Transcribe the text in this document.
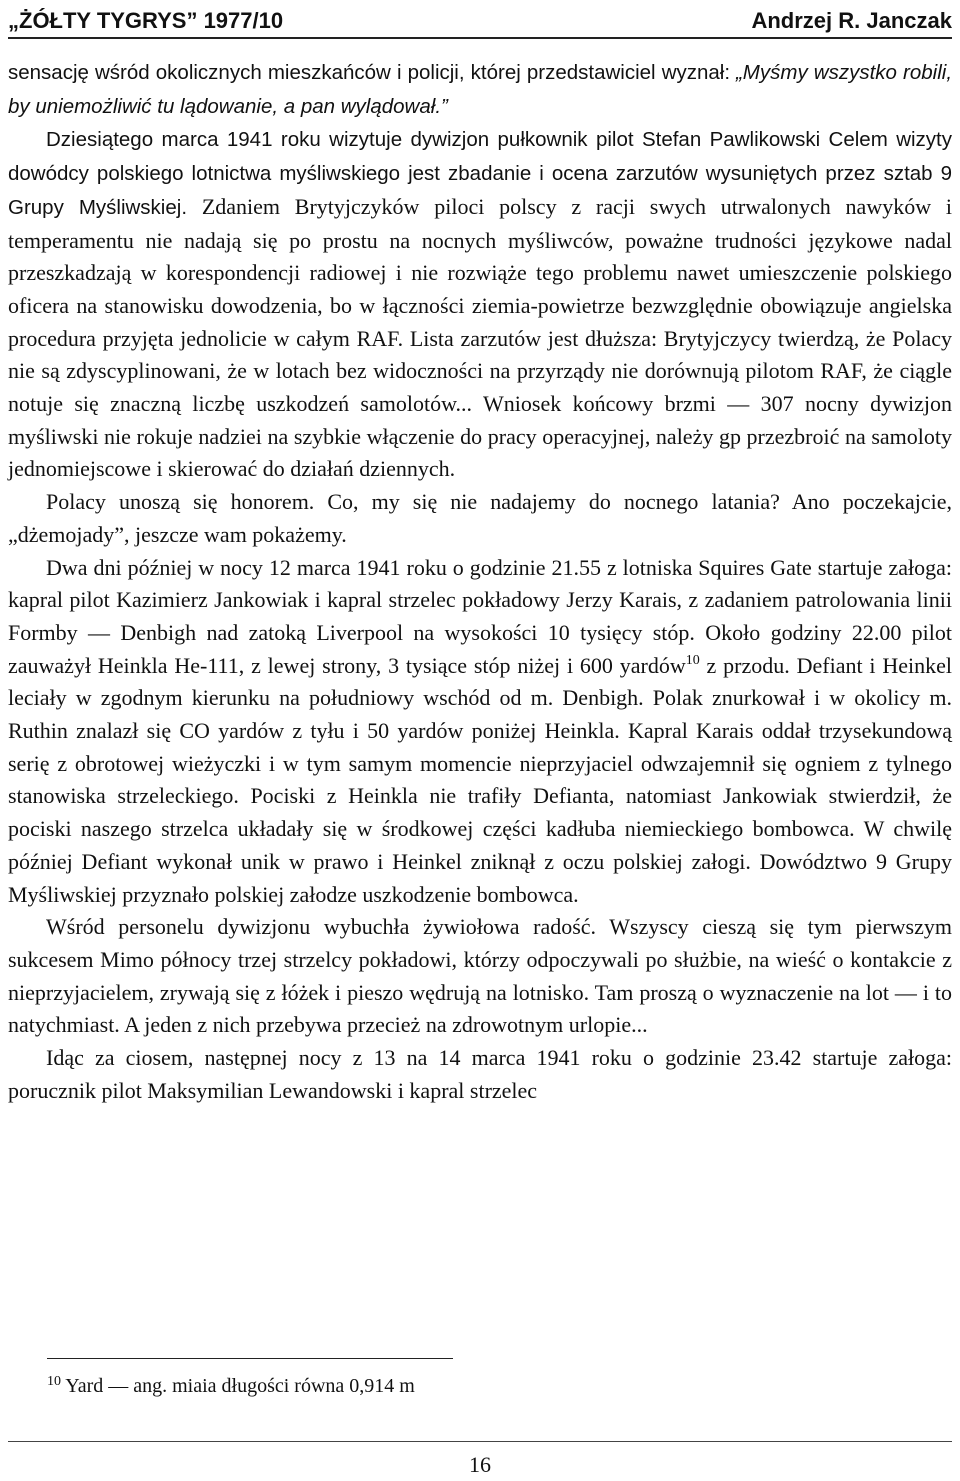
„ŻÓŁTY TYGRYS” 1977/10	Andrzej R. Janczak

sensację wśród okolicznych mieszkańców i policji, której przedstawiciel wyznał: „Myśmy wszystko robili, by uniemożliwić tu lądowanie, a pan wylądował.”

Dziesiątego marca 1941 roku wizytuje dywizjon pułkownik pilot Stefan Pawlikowski Celem wizyty dowódcy polskiego lotnictwa myśliwskiego jest zbadanie i ocena zarzutów wysuniętych przez sztab 9 Grupy Myśliwskiej. Zdaniem Brytyjczyków piloci polscy z racji swych utrwalonych nawyków i temperamentu nie nadają się po prostu na nocnych myśliwców, poważne trudności językowe nadal przeszkadzają w korespondencji radiowej i nie rozwiąże tego problemu nawet umieszczenie polskiego oficera na stanowisku dowodzenia, bo w łączności ziemia-powietrze bezwzględnie obowiązuje angielska procedura przyjęta jednolicie w całym RAF. Lista zarzutów jest dłuższa: Brytyjczycy twierdzą, że Polacy nie są zdyscyplinowani, że w lotach bez widoczności na przyrządy nie dorównują pilotom RAF, że ciągle notuje się znaczną liczbę uszkodzeń samolotów... Wniosek końcowy brzmi — 307 nocny dywizjon myśliwski nie rokuje nadziei na szybkie włączenie do pracy operacyjnej, należy gp przezbroić na samoloty jednomiejscowe i skierować do działań dziennych.

Polacy unoszą się honorem. Co, my się nie nadajemy do nocnego latania? Ano poczekajcie, „dżemojady”, jeszcze wam pokażemy.

Dwa dni później w nocy 12 marca 1941 roku o godzinie 21.55 z lotniska Squires Gate startuje załoga: kapral pilot Kazimierz Jankowiak i kapral strzelec pokładowy Jerzy Karais, z zadaniem patrolowania linii Formby — Denbigh nad zatoką Liverpool na wysokości 10 tysięcy stóp. Około godziny 22.00 pilot zauważył Heinkla He-111, z lewej strony, 3 tysiące stóp niżej i 600 yardów$^{10}$ z przodu. Defiant i Heinkel leciały w zgodnym kierunku na południowy wschód od m. Denbigh. Polak znurkował i w okolicy m. Ruthin znalazł się CO yardów z tyłu i 50 yardów poniżej Heinkla. Kapral Karais oddał trzysekundową serię z obrotowej wieżyczki i w tym samym momencie nieprzyjaciel odwzajemnił się ogniem z tylnego stanowiska strzeleckiego. Pociski z Heinkla nie trafiły Defianta, natomiast Jankowiak stwierdził, że pociski naszego strzelca układały się w środkowej części kadłuba niemieckiego bombowca. W chwilę później Defiant wykonał unik w prawo i Heinkel zniknął z oczu polskiej załogi. Dowództwo 9 Grupy Myśliwskiej przyznało polskiej załodze uszkodzenie bombowca.

Wśród personelu dywizjonu wybuchła żywiołowa radość. Wszyscy cieszą się tym pierwszym sukcesem Mimo północy trzej strzelcy pokładowi, którzy odpoczywali po służbie, na wieść o kontakcie z nieprzyjacielem, zrywają się z łóżek i pieszo wędrują na lotnisko. Tam proszą o wyznaczenie na lot — i to natychmiast. A jeden z nich przebywa przecież na zdrowotnym urlopie...

Idąc za ciosem, następnej nocy z 13 na 14 marca 1941 roku o godzinie 23.42 startuje załoga: porucznik pilot Maksymilian Lewandowski i kapral strzelec

$^{10}$ Yard — ang. miaia długości równa 0,914 m
16
